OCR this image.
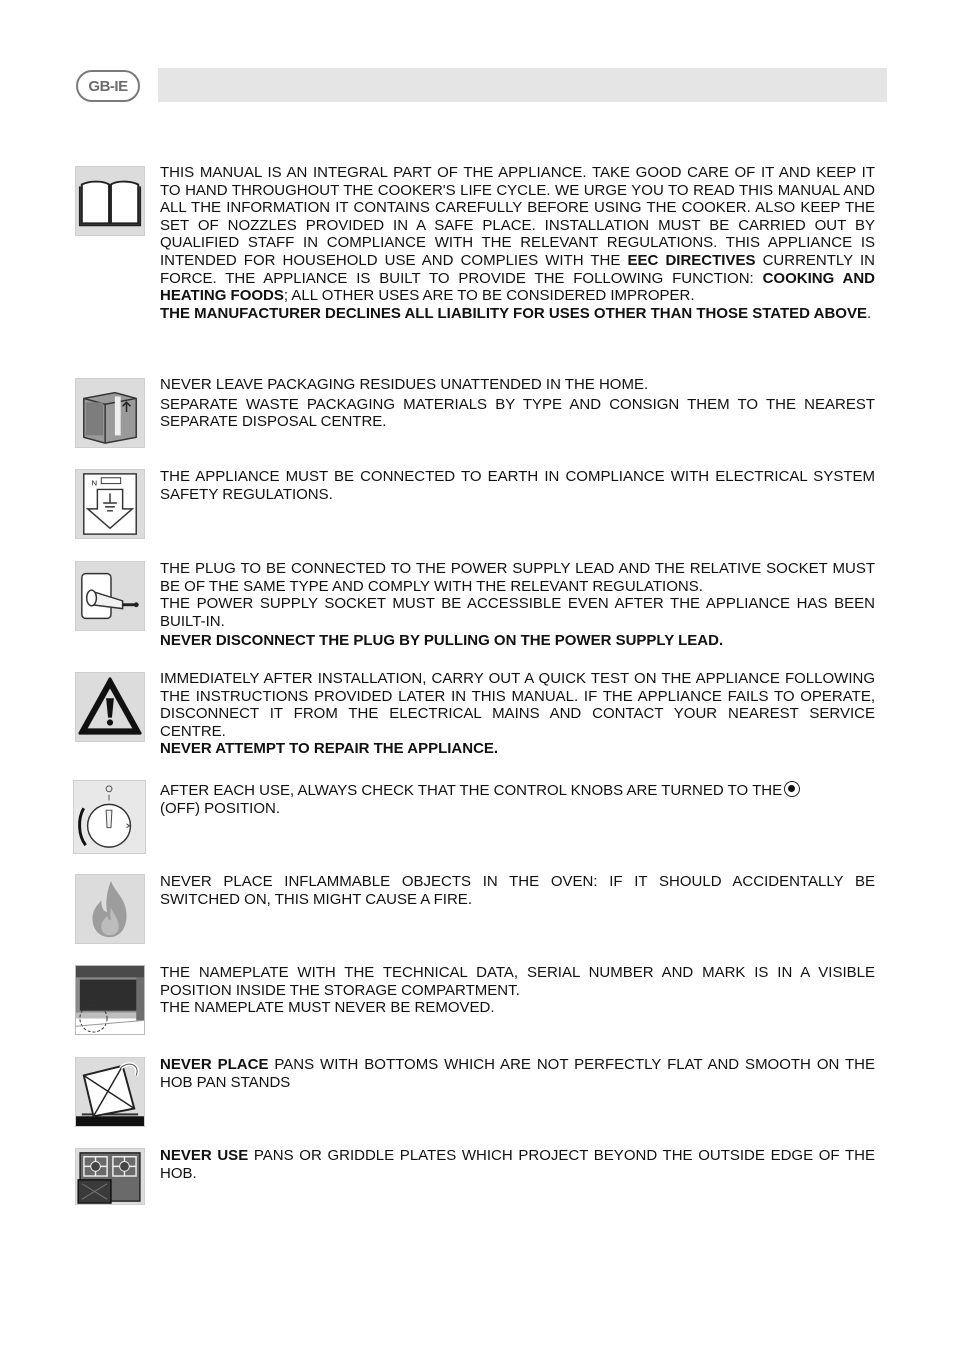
GB-IE

THIS MANUAL IS AN INTEGRAL PART OF THE APPLIANCE. TAKE GOOD CARE OF IT AND KEEP IT TO HAND THROUGHOUT THE COOKER'S LIFE CYCLE. WE URGE YOU TO READ THIS MANUAL AND ALL THE INFORMATION IT CONTAINS CAREFULLY BEFORE USING THE COOKER. ALSO KEEP THE SET OF NOZZLES PROVIDED IN A SAFE PLACE. INSTALLATION MUST BE CARRIED OUT BY QUALIFIED STAFF IN COMPLIANCE WITH THE RELEVANT REGULATIONS. THIS APPLIANCE IS INTENDED FOR HOUSEHOLD USE AND COMPLIES WITH THE EEC DIRECTIVES CURRENTLY IN FORCE. THE APPLIANCE IS BUILT TO PROVIDE THE FOLLOWING FUNCTION: COOKING AND HEATING FOODS; ALL OTHER USES ARE TO BE CONSIDERED IMPROPER.

THE MANUFACTURER DECLINES ALL LIABILITY FOR USES OTHER THAN THOSE STATED ABOVE.

NEVER LEAVE PACKAGING RESIDUES UNATTENDED IN THE HOME.

SEPARATE WASTE PACKAGING MATERIALS BY TYPE AND CONSIGN THEM TO THE NEAREST SEPARATE DISPOSAL CENTRE.

N	THE APPLIANCE MUST BE CONNECTED TO EARTH IN COMPLIANCE WITH ELECTRICAL SYSTEM SAFETY REGULATIONS.

THE PLUG TO BE CONNECTED TO THE POWER SUPPLY LEAD AND THE RELATIVE SOCKET MUST BE OF THE SAME TYPE AND COMPLY WITH THE RELEVANT REGULATIONS.

THE POWER SUPPLY SOCKET MUST BE ACCESSIBLE EVEN AFTER THE APPLIANCE HAS BEEN BUILT-IN.

NEVER DISCONNECT THE PLUG BY PULLING ON THE POWER SUPPLY LEAD.

IMMEDIATELY AFTER INSTALLATION, CARRY OUT A QUICK TEST ON THE APPLIANCE FOLLOWING THE INSTRUCTIONS PROVIDED LATER IN THIS MANUAL. IF THE APPLIANCE FAILS TO OPERATE, DISCONNECT IT FROM THE ELECTRICAL MAINS AND CONTACT YOUR NEAREST SERVICE CENTRE.

NEVER ATTEMPT TO REPAIR THE APPLIANCE.

AFTER EACH USE, ALWAYS CHECK THAT THE CONTROL KNOBS ARE TURNED TO THE
(OFF) POSITION.

NEVER PLACE INFLAMMABLE OBJECTS IN THE OVEN: IF IT SHOULD ACCIDENTALLY BE SWITCHED ON, THIS MIGHT CAUSE A FIRE.

THE NAMEPLATE WITH THE TECHNICAL DATA, SERIAL NUMBER AND MARK IS IN A VISIBLE POSITION INSIDE THE STORAGE COMPARTMENT.

THE NAMEPLATE MUST NEVER BE REMOVED.

NEVER PLACE PANS WITH BOTTOMS WHICH ARE NOT PERFECTLY FLAT AND SMOOTH ON THE HOB PAN STANDS

NEVER USE PANS OR GRIDDLE PLATES WHICH PROJECT BEYOND THE OUTSIDE EDGE OF THE HOB.
